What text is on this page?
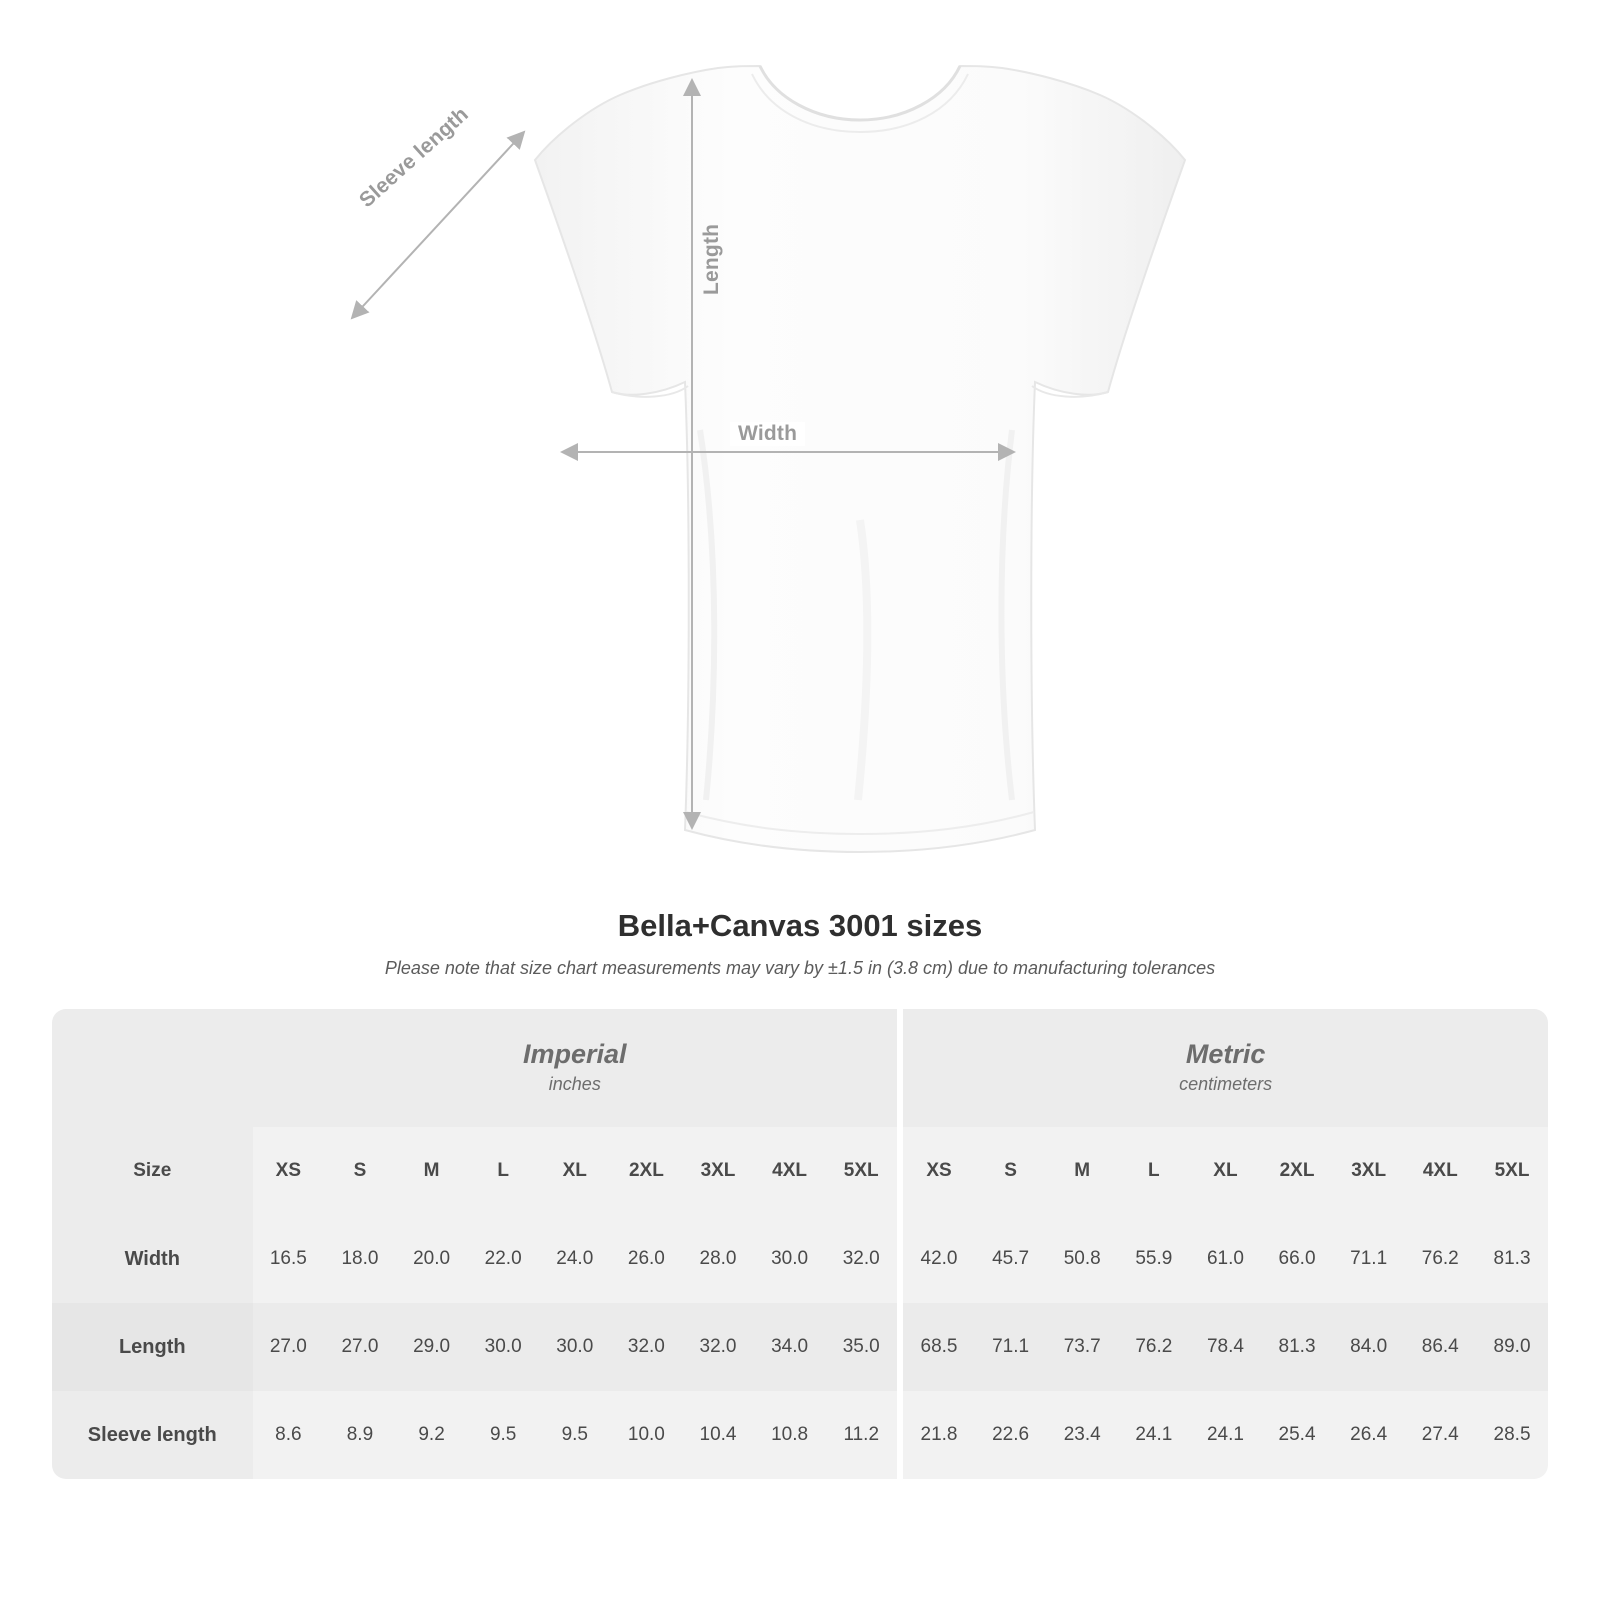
Sleeve length
Length
Width
Bella+Canvas 3001 sizes

Please note that size chart measurements may vary by ±1.5 in (3.8 cm) due to manufacturing tolerances

Imperial
inches

Metric
centimeters

Size	XS	S	M	L	XL	2XL	3XL	4XL	5XL		XS	S	M	L	XL	2XL	3XL	4XL	5XL
Width	16.5	18.0	20.0	22.0	24.0	26.0	28.0	30.0	32.0		42.0	45.7	50.8	55.9	61.0	66.0	71.1	76.2	81.3
Length	27.0	27.0	29.0	30.0	30.0	32.0	32.0	34.0	35.0		68.5	71.1	73.7	76.2	78.4	81.3	84.0	86.4	89.0
Sleeve length	8.6	8.9	9.2	9.5	9.5	10.0	10.4	10.8	11.2		21.8	22.6	23.4	24.1	24.1	25.4	26.4	27.4	28.5
